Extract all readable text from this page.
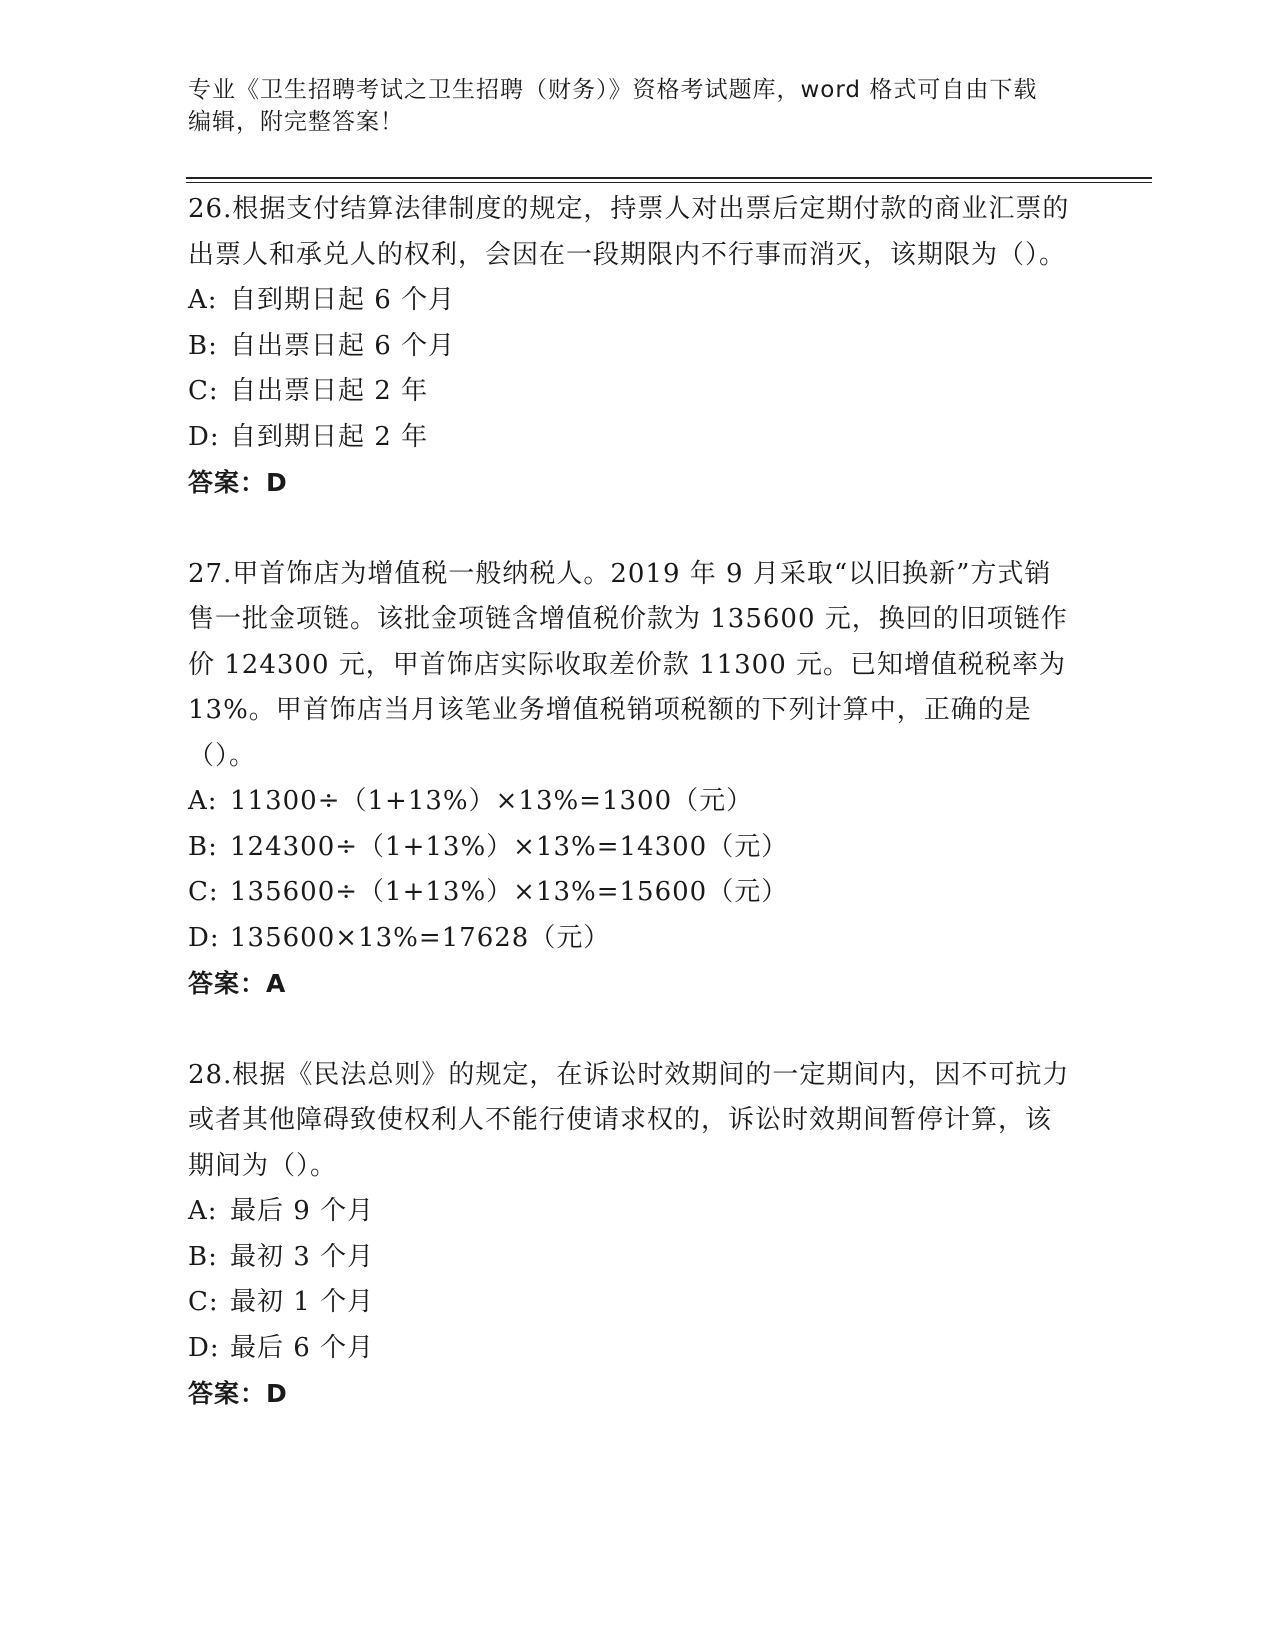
专业《卫生招聘考试之卫生招聘（财务）》资格考试题库，word 格式可自由下载
编辑，附完整答案！

26.根据支付结算法律制度的规定，持票人对出票后定期付款的商业汇票的出票人和承兑人的权利，会因在一段期限内不行事而消灭，该期限为（）。

A: 自到期日起 6 个月

B: 自出票日起 6 个月

C: 自出票日起 2 年

D: 自到期日起 2 年

答案：D

27.甲首饰店为增值税一般纳税人。2019 年 9 月采取“以旧换新”方式销售一批金项链。该批金项链含增值税价款为 135600 元，换回的旧项链作价 124300 元，甲首饰店实际收取差价款 11300 元。已知增值税税率为 13%。甲首饰店当月该笔业务增值税销项税额的下列计算中，正确的是（）。

A: 11300÷（1+13%）×13%=1300（元）

B: 124300÷（1+13%）×13%=14300（元）

C: 135600÷（1+13%）×13%=15600（元）

D: 135600×13%=17628（元）

答案：A

28.根据《民法总则》的规定，在诉讼时效期间的一定期间内，因不可抗力或者其他障碍致使权利人不能行使请求权的，诉讼时效期间暂停计算，该期间为（）。

A: 最后 9 个月

B: 最初 3 个月

C: 最初 1 个月

D: 最后 6 个月

答案：D
